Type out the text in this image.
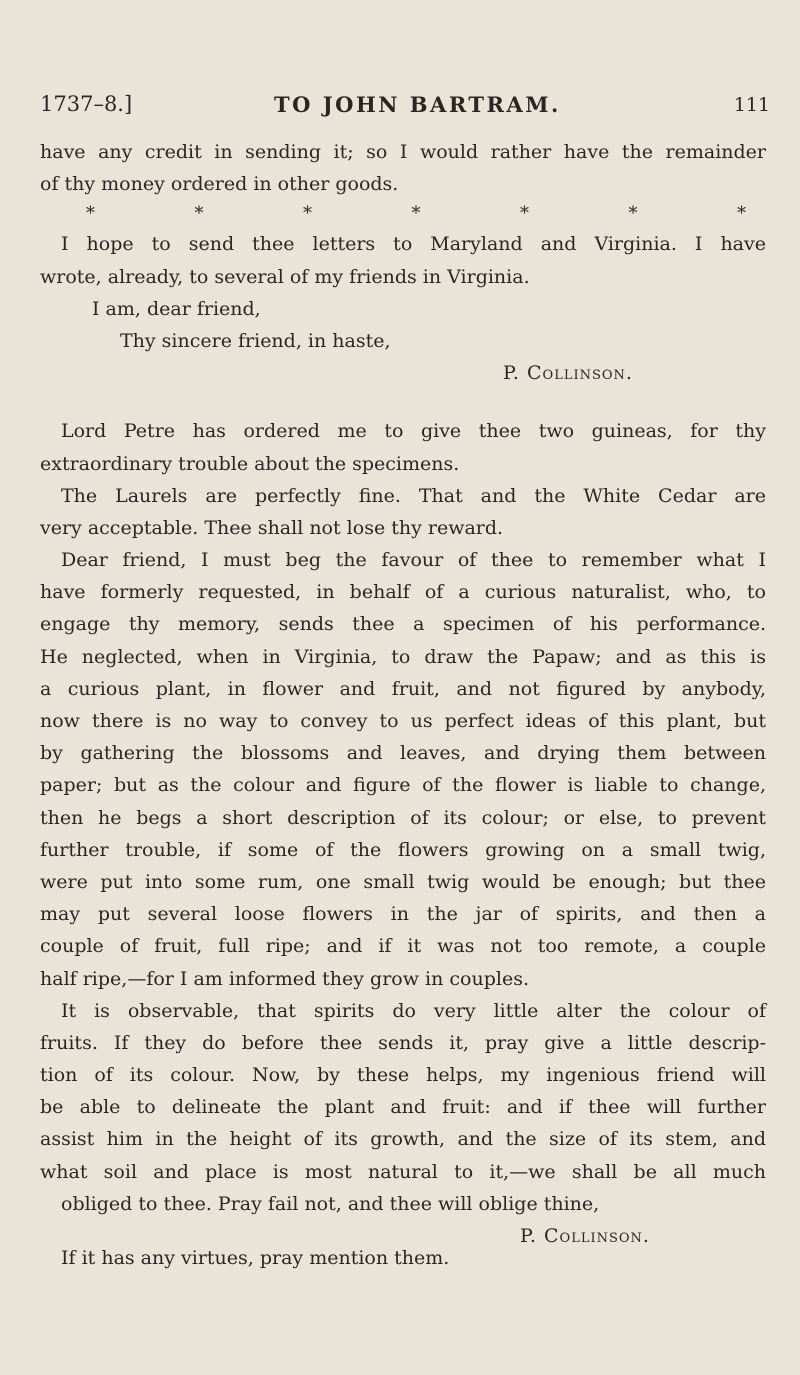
1737–8.]	TO JOHN BARTRAM.	111
have any credit in sending it; so I would rather have the remainder
of thy money ordered in other goods.
*	*	*	*	*	*	*
I hope to send thee letters to Maryland and Virginia. I have
wrote, already, to several of my friends in Virginia.
I am, dear friend,
Thy sincere friend, in haste,
P. Collinson.
Lord Petre has ordered me to give thee two guineas, for thy
extraordinary trouble about the specimens.
The Laurels are perfectly fine. That and the White Cedar are
very acceptable. Thee shall not lose thy reward.
Dear friend, I must beg the favour of thee to remember what I
have formerly requested, in behalf of a curious naturalist, who, to
engage thy memory, sends thee a specimen of his performance.
He neglected, when in Virginia, to draw the Papaw; and as this is
a curious plant, in flower and fruit, and not figured by anybody,
now there is no way to convey to us perfect ideas of this plant, but
by gathering the blossoms and leaves, and drying them between
paper; but as the colour and figure of the flower is liable to change,
then he begs a short description of its colour; or else, to prevent
further trouble, if some of the flowers growing on a small twig,
were put into some rum, one small twig would be enough; but thee
may put several loose flowers in the jar of spirits, and then a
couple of fruit, full ripe; and if it was not too remote, a couple
half ripe,—for I am informed they grow in couples.
It is observable, that spirits do very little alter the colour of
fruits. If they do before thee sends it, pray give a little descrip-
tion of its colour. Now, by these helps, my ingenious friend will
be able to delineate the plant and fruit: and if thee will further
assist him in the height of its growth, and the size of its stem, and
what soil and place is most natural to it,—we shall be all much
obliged to thee. Pray fail not, and thee will oblige thine,
P. Collinson.
If it has any virtues, pray mention them.
